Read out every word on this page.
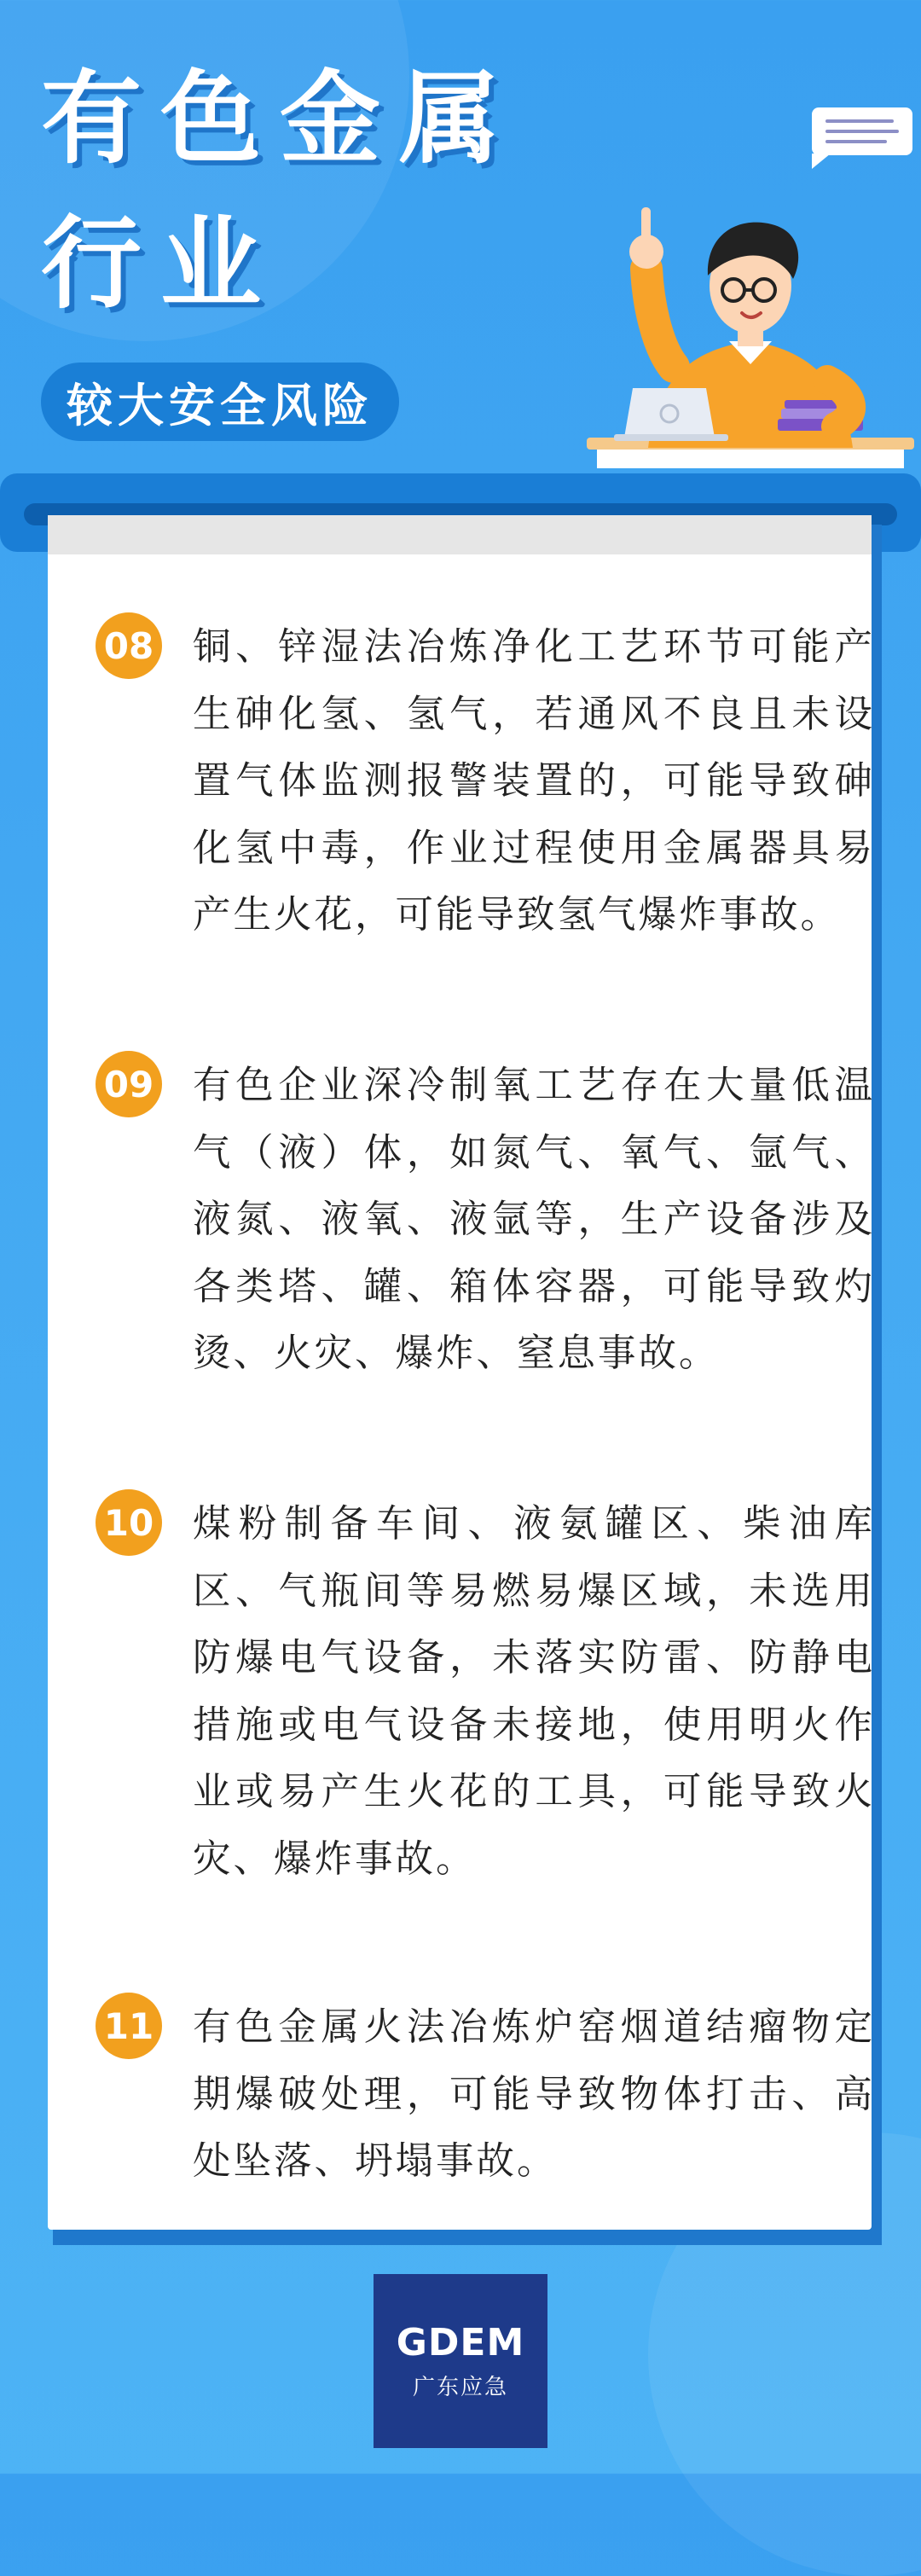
有色金属
行业
较大安全风险
08 铜、锌湿法冶炼净化工艺环节可能产生砷化氢、氢气，若通风不良且未设置气体监测报警装置的，可能导致砷化氢中毒，作业过程使用金属器具易产生火花，可能导致氢气爆炸事故。
09 有色企业深冷制氧工艺存在大量低温气（液）体，如氮气、氧气、氩气、液氮、液氧、液氩等，生产设备涉及各类塔、罐、箱体容器，可能导致灼烫、火灾、爆炸、窒息事故。
10 煤粉制备车间、液氨罐区、柴油库区、气瓶间等易燃易爆区域，未选用防爆电气设备，未落实防雷、防静电措施或电气设备未接地，使用明火作业或易产生火花的工具，可能导致火灾、爆炸事故。
11 有色金属火法冶炼炉窑烟道结瘤物定期爆破处理，可能导致物体打击、高处坠落、坍塌事故。
GDEM
广东应急
